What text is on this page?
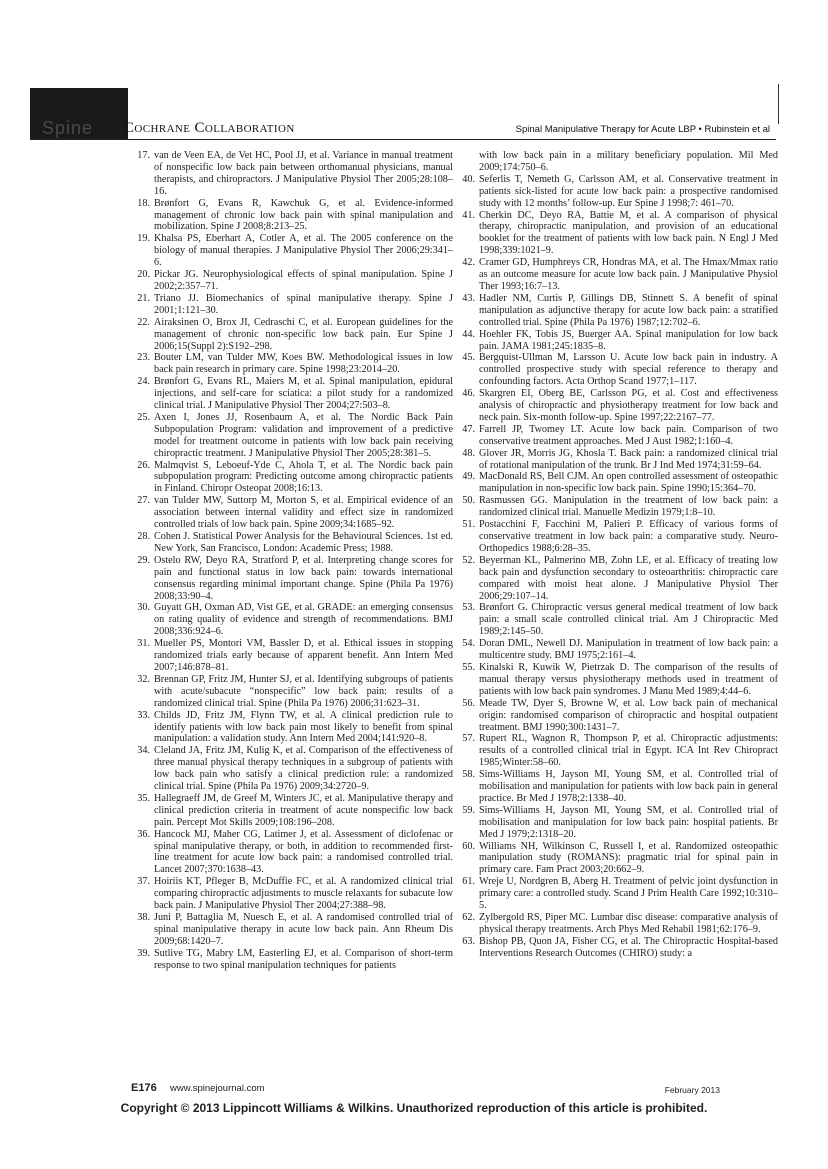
Spine Cochrane Collaboration	Spinal Manipulative Therapy for Acute LBP • Rubinstein et al
17. van de Veen EA, de Vet HC, Pool JJ, et al. Variance in manual treatment of nonspecific low back pain between orthomanual physicians, manual therapists, and chiropractors. J Manipulative Physiol Ther 2005;28:108–16.
18. Brønfort G, Evans R, Kawchuk G, et al. Evidence-informed management of chronic low back pain with spinal manipulation and mobilization. Spine J 2008;8:213–25.
19. Khalsa PS, Eberhart A, Cotler A, et al. The 2005 conference on the biology of manual therapies. J Manipulative Physiol Ther 2006;29:341–6.
20. Pickar JG. Neurophysiological effects of spinal manipulation. Spine J 2002;2:357–71.
21. Triano JJ. Biomechanics of spinal manipulative therapy. Spine J 2001;1:121–30.
22. Airaksinen O, Brox JI, Cedraschi C, et al. European guidelines for the management of chronic non-specific low back pain. Eur Spine J 2006;15(Suppl 2):S192–298.
23. Bouter LM, van Tulder MW, Koes BW. Methodological issues in low back pain research in primary care. Spine 1998;23:2014–20.
24. Brønfort G, Evans RL, Maiers M, et al. Spinal manipulation, epidural injections, and self-care for sciatica: a pilot study for a randomized clinical trial. J Manipulative Physiol Ther 2004;27:503–8.
25. Axen I, Jones JJ, Rosenbaum A, et al. The Nordic Back Pain Subpopulation Program: validation and improvement of a predictive model for treatment outcome in patients with low back pain receiving chiropractic treatment. J Manipulative Physiol Ther 2005;28:381–5.
26. Malmqvist S, Leboeuf-Yde C, Ahola T, et al. The Nordic back pain subpopulation program: Predicting outcome among chiropractic patients in Finland. Chiropr Osteopat 2008;16:13.
27. van Tulder MW, Suttorp M, Morton S, et al. Empirical evidence of an association between internal validity and effect size in randomized controlled trials of low back pain. Spine 2009;34:1685–92.
28. Cohen J. Statistical Power Analysis for the Behavioural Sciences. 1st ed. New York, San Francisco, London: Academic Press; 1988.
29. Ostelo RW, Deyo RA, Stratford P, et al. Interpreting change scores for pain and functional status in low back pain: towards international consensus regarding minimal important change. Spine (Phila Pa 1976) 2008;33:90–4.
30. Guyatt GH, Oxman AD, Vist GE, et al. GRADE: an emerging consensus on rating quality of evidence and strength of recommendations. BMJ 2008;336:924–6.
31. Mueller PS, Montori VM, Bassler D, et al. Ethical issues in stopping randomized trials early because of apparent benefit. Ann Intern Med 2007;146:878–81.
32. Brennan GP, Fritz JM, Hunter SJ, et al. Identifying subgroups of patients with acute/subacute “nonspecific” low back pain: results of a randomized clinical trial. Spine (Phila Pa 1976) 2006;31:623–31.
33. Childs JD, Fritz JM, Flynn TW, et al. A clinical prediction rule to identify patients with low back pain most likely to benefit from spinal manipulation: a validation study. Ann Intern Med 2004;141:920–8.
34. Cleland JA, Fritz JM, Kulig K, et al. Comparison of the effectiveness of three manual physical therapy techniques in a subgroup of patients with low back pain who satisfy a clinical prediction rule: a randomized clinical trial. Spine (Phila Pa 1976) 2009;34:2720–9.
35. Hallegraeff JM, de Greef M, Winters JC, et al. Manipulative therapy and clinical prediction criteria in treatment of acute nonspecific low back pain. Percept Mot Skills 2009;108:196–208.
36. Hancock MJ, Maher CG, Latimer J, et al. Assessment of diclofenac or spinal manipulative therapy, or both, in addition to recommended first-line treatment for acute low back pain: a randomised controlled trial. Lancet 2007;370:1638–43.
37. Hoiriis KT, Pfleger B, McDuffie FC, et al. A randomized clinical trial comparing chiropractic adjustments to muscle relaxants for subacute low back pain. J Manipulative Physiol Ther 2004;27:388–98.
38. Juni P, Battaglia M, Nuesch E, et al. A randomised controlled trial of spinal manipulative therapy in acute low back pain. Ann Rheum Dis 2009;68:1420–7.
39. Sutlive TG, Mabry LM, Easterling EJ, et al. Comparison of short-term response to two spinal manipulation techniques for patients
with low back pain in a military beneficiary population. Mil Med 2009;174:750–6.
40. Seferlis T, Nemeth G, Carlsson AM, et al. Conservative treatment in patients sick-listed for acute low back pain: a prospective randomised study with 12 months’ follow-up. Eur Spine J 1998;7: 461–70.
41. Cherkin DC, Deyo RA, Battie M, et al. A comparison of physical therapy, chiropractic manipulation, and provision of an educational booklet for the treatment of patients with low back pain. N Engl J Med 1998;339:1021–9.
42. Cramer GD, Humphreys CR, Hondras MA, et al. The Hmax/Mmax ratio as an outcome measure for acute low back pain. J Manipulative Physiol Ther 1993;16:7–13.
43. Hadler NM, Curtis P, Gillings DB, Stinnett S. A benefit of spinal manipulation as adjunctive therapy for acute low back pain: a stratified controlled trial. Spine (Phila Pa 1976) 1987;12:702–6.
44. Hoehler FK, Tobis JS, Buerger AA. Spinal manipulation for low back pain. JAMA 1981;245:1835–8.
45. Bergquist-Ullman M, Larsson U. Acute low back pain in industry. A controlled prospective study with special reference to therapy and confounding factors. Acta Orthop Scand 1977;1–117.
46. Skargren EI, Oberg BE, Carlsson PG, et al. Cost and effectiveness analysis of chiropractic and physiotherapy treatment for low back and neck pain. Six-month follow-up. Spine 1997;22:2167–77.
47. Farrell JP, Twomey LT. Acute low back pain. Comparison of two conservative treatment approaches. Med J Aust 1982;1:160–4.
48. Glover JR, Morris JG, Khosla T. Back pain: a randomized clinical trial of rotational manipulation of the trunk. Br J Ind Med 1974;31:59–64.
49. MacDonald RS, Bell CJM. An open controlled assessment of osteopathic manipulation in non-specific low back pain. Spine 1990;15:364–70.
50. Rasmussen GG. Manipulation in the treatment of low back pain: a randomized clinical trial. Manuelle Medizin 1979;1:8–10.
51. Postacchini F, Facchini M, Palieri P. Efficacy of various forms of conservative treatment in low back pain: a comparative study. Neuro-Orthopedics 1988;6:28–35.
52. Beyerman KL, Palmerino MB, Zohn LE, et al. Efficacy of treating low back pain and dysfunction secondary to osteoarthritis: chiropractic care compared with moist heat alone. J Manipulative Physiol Ther 2006;29:107–14.
53. Brønfort G. Chiropractic versus general medical treatment of low back pain: a small scale controlled clinical trial. Am J Chiropractic Med 1989;2:145–50.
54. Doran DML, Newell DJ. Manipulation in treatment of low back pain: a multicentre study. BMJ 1975;2:161–4.
55. Kinalski R, Kuwik W, Pietrzak D. The comparison of the results of manual therapy versus physiotherapy methods used in treatment of patients with low back pain syndromes. J Manu Med 1989;4:44–6.
56. Meade TW, Dyer S, Browne W, et al. Low back pain of mechanical origin: randomised comparison of chiropractic and hospital outpatient treatment. BMJ 1990;300:1431–7.
57. Rupert RL, Wagnon R, Thompson P, et al. Chiropractic adjustments: results of a controlled clinical trial in Egypt. ICA Int Rev Chiropract 1985;Winter:58–60.
58. Sims-Williams H, Jayson MI, Young SM, et al. Controlled trial of mobilisation and manipulation for patients with low back pain in general practice. Br Med J 1978;2:1338–40.
59. Sims-Williams H, Jayson MI, Young SM, et al. Controlled trial of mobilisation and manipulation for low back pain: hospital patients. Br Med J 1979;2:1318–20.
60. Williams NH, Wilkinson C, Russell I, et al. Randomized osteopathic manipulation study (ROMANS): pragmatic trial for spinal pain in primary care. Fam Pract 2003;20:662–9.
61. Wreje U, Nordgren B, Aberg H. Treatment of pelvic joint dysfunction in primary care: a controlled study. Scand J Prim Health Care 1992;10:310–5.
62. Zylbergold RS, Piper MC. Lumbar disc disease: comparative analysis of physical therapy treatments. Arch Phys Med Rehabil 1981;62:176–9.
63. Bishop PB, Quon JA, Fisher CG, et al. The Chiropractic Hospital-based Interventions Research Outcomes (CHIRO) study: a
E176 www.spinejournal.com	February 2013
Copyright © 2013 Lippincott Williams & Wilkins. Unauthorized reproduction of this article is prohibited.
